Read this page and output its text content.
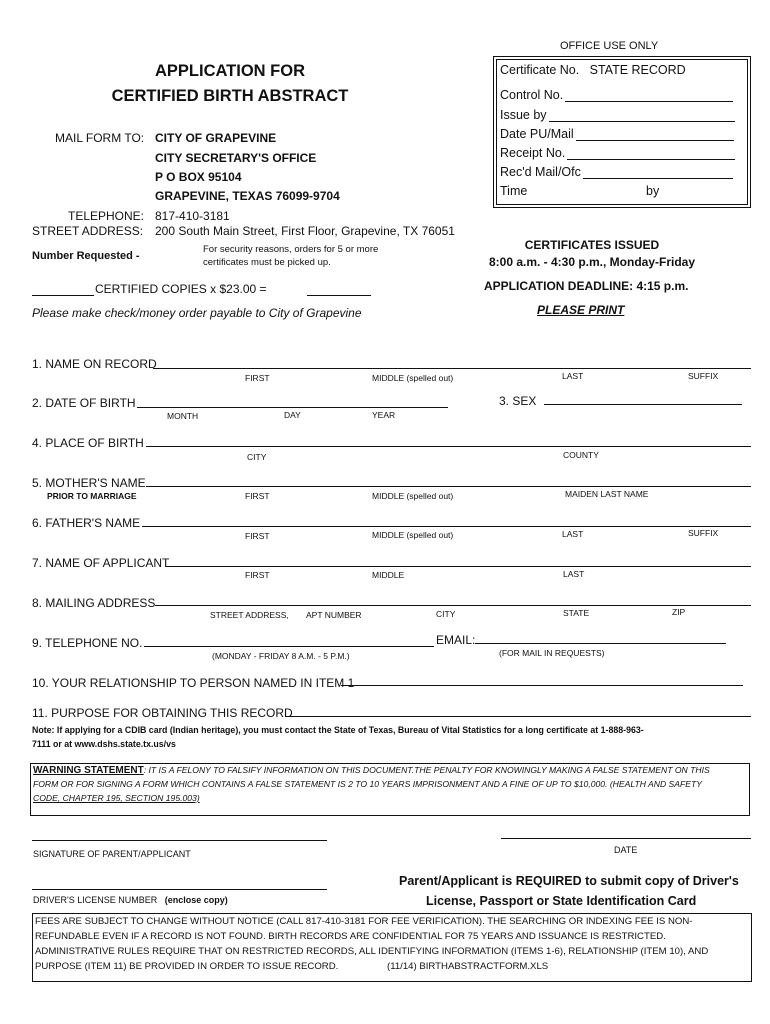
OFFICE USE ONLY
Certificate No. STATE RECORD
Control No.
Issue by
Date PU/Mail
Receipt No.
Rec'd Mail/Ofc
Time	by
APPLICATION FOR
CERTIFIED BIRTH ABSTRACT
MAIL FORM TO: CITY OF GRAPEVINE
CITY SECRETARY'S OFFICE
P O BOX 95104
GRAPEVINE, TEXAS 76099-9704
TELEPHONE: 817-410-3181
STREET ADDRESS: 200 South Main Street, First Floor, Grapevine, TX 76051
Number Requested -
For security reasons, orders for 5 or more
certificates must be picked up.
CERTIFIED COPIES x $23.00 =
Please make check/money order payable to City of Grapevine
CERTIFICATES ISSUED
8:00 a.m. - 4:30 p.m., Monday-Friday
APPLICATION DEADLINE: 4:15 p.m.
PLEASE PRINT
1. NAME ON RECORD
FIRST	MIDDLE (spelled out)	LAST	SUFFIX
2. DATE OF BIRTH
MONTH	DAY	YEAR
3. SEX
4. PLACE OF BIRTH
CITY	COUNTY
5. MOTHER'S NAME
PRIOR TO MARRIAGE	FIRST	MIDDLE (spelled out)	MAIDEN LAST NAME
6. FATHER'S NAME
FIRST	MIDDLE (spelled out)	LAST	SUFFIX
7. NAME OF APPLICANT
FIRST	MIDDLE	LAST
8. MAILING ADDRESS
STREET ADDRESS, APT NUMBER	CITY	STATE	ZIP
9. TELEPHONE NO.
(MONDAY - FRIDAY 8 A.M. - 5 P.M.)
EMAIL:
(FOR MAIL IN REQUESTS)
10. YOUR RELATIONSHIP TO PERSON NAMED IN ITEM 1
11. PURPOSE FOR OBTAINING THIS RECORD
Note: If applying for a CDIB card (Indian heritage), you must contact the State of Texas, Bureau of Vital Statistics for a long certificate at 1-888-963-
7111 or at www.dshs.state.tx.us/vs
WARNING STATEMENT: IT IS A FELONY TO FALSIFY INFORMATION ON THIS DOCUMENT.THE PENALTY FOR KNOWINGLY MAKING A FALSE STATEMENT ON THIS
FORM OR FOR SIGNING A FORM WHICH CONTAINS A FALSE STATEMENT IS 2 TO 10 YEARS IMPRISONMENT AND A FINE OF UP TO $10,000. (HEALTH AND SAFETY
CODE, CHAPTER 195, SECTION 195.003)
SIGNATURE OF PARENT/APPLICANT	DATE
DRIVER'S LICENSE NUMBER (enclose copy)
Parent/Applicant is REQUIRED to submit copy of Driver's
License, Passport or State Identification Card
FEES ARE SUBJECT TO CHANGE WITHOUT NOTICE (CALL 817-410-3181 FOR FEE VERIFICATION). THE SEARCHING OR INDEXING FEE IS NON-
REFUNDABLE EVEN IF A RECORD IS NOT FOUND. BIRTH RECORDS ARE CONFIDENTIAL FOR 75 YEARS AND ISSUANCE IS RESTRICTED.
ADMINISTRATIVE RULES REQUIRE THAT ON RESTRICTED RECORDS, ALL IDENTIFYING INFORMATION (ITEMS 1-6), RELATIONSHIP (ITEM 10), AND
PURPOSE (ITEM 11) BE PROVIDED IN ORDER TO ISSUE RECORD.	(11/14) BIRTHABSTRACTFORM.XLS
